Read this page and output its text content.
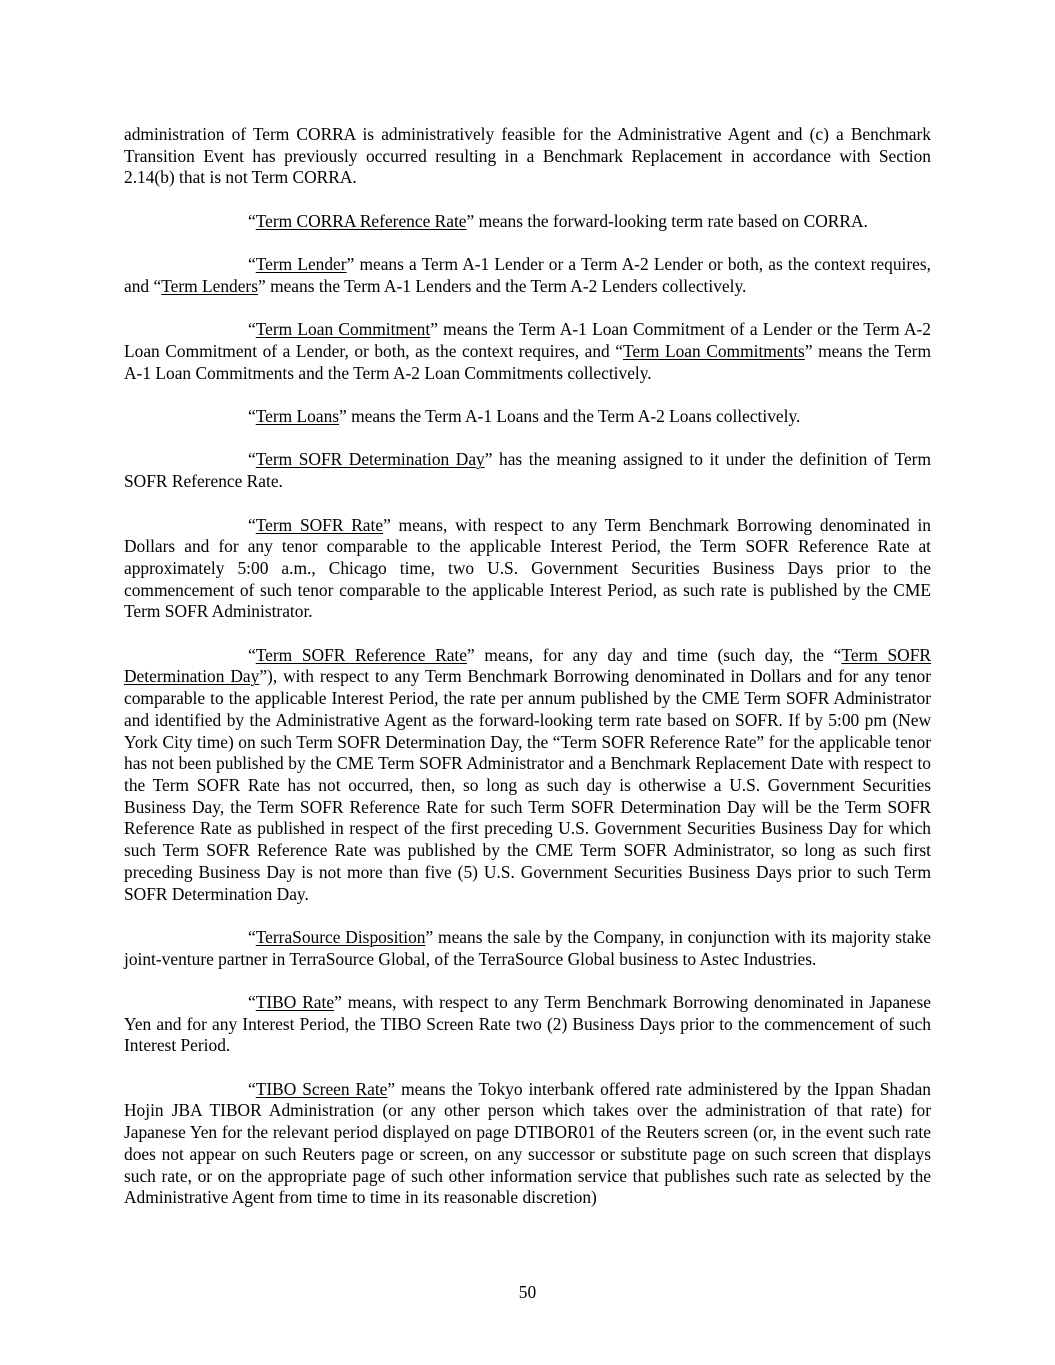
administration of Term CORRA is administratively feasible for the Administrative Agent and (c) a Benchmark Transition Event has previously occurred resulting in a Benchmark Replacement in accordance with Section 2.14(b) that is not Term CORRA.

“Term CORRA Reference Rate” means the forward-looking term rate based on CORRA.

“Term Lender” means a Term A-1 Lender or a Term A-2 Lender or both, as the context requires, and “Term Lenders” means the Term A-1 Lenders and the Term A-2 Lenders collectively.

“Term Loan Commitment” means the Term A-1 Loan Commitment of a Lender or the Term A-2 Loan Commitment of a Lender, or both, as the context requires, and “Term Loan Commitments” means the Term A-1 Loan Commitments and the Term A-2 Loan Commitments collectively.

“Term Loans” means the Term A-1 Loans and the Term A-2 Loans collectively.

“Term SOFR Determination Day” has the meaning assigned to it under the definition of Term SOFR Reference Rate.

“Term SOFR Rate” means, with respect to any Term Benchmark Borrowing denominated in Dollars and for any tenor comparable to the applicable Interest Period, the Term SOFR Reference Rate at approximately 5:00 a.m., Chicago time, two U.S. Government Securities Business Days prior to the commencement of such tenor comparable to the applicable Interest Period, as such rate is published by the CME Term SOFR Administrator.

“Term SOFR Reference Rate” means, for any day and time (such day, the “Term SOFR Determination Day”), with respect to any Term Benchmark Borrowing denominated in Dollars and for any tenor comparable to the applicable Interest Period, the rate per annum published by the CME Term SOFR Administrator and identified by the Administrative Agent as the forward-looking term rate based on SOFR. If by 5:00 pm (New York City time) on such Term SOFR Determination Day, the “Term SOFR Reference Rate” for the applicable tenor has not been published by the CME Term SOFR Administrator and a Benchmark Replacement Date with respect to the Term SOFR Rate has not occurred, then, so long as such day is otherwise a U.S. Government Securities Business Day, the Term SOFR Reference Rate for such Term SOFR Determination Day will be the Term SOFR Reference Rate as published in respect of the first preceding U.S. Government Securities Business Day for which such Term SOFR Reference Rate was published by the CME Term SOFR Administrator, so long as such first preceding Business Day is not more than five (5) U.S. Government Securities Business Days prior to such Term SOFR Determination Day.

“TerraSource Disposition” means the sale by the Company, in conjunction with its majority stake joint-venture partner in TerraSource Global, of the TerraSource Global business to Astec Industries.

“TIBO Rate” means, with respect to any Term Benchmark Borrowing denominated in Japanese Yen and for any Interest Period, the TIBO Screen Rate two (2) Business Days prior to the commencement of such Interest Period.

“TIBO Screen Rate” means the Tokyo interbank offered rate administered by the Ippan Shadan Hojin JBA TIBOR Administration (or any other person which takes over the administration of that rate) for Japanese Yen for the relevant period displayed on page DTIBOR01 of the Reuters screen (or, in the event such rate does not appear on such Reuters page or screen, on any successor or substitute page on such screen that displays such rate, or on the appropriate page of such other information service that publishes such rate as selected by the Administrative Agent from time to time in its reasonable discretion)

50
